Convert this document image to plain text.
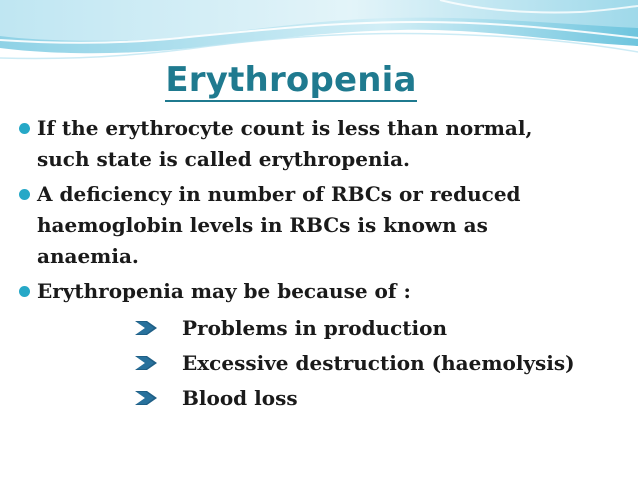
Erythropenia
If the erythrocyte count is less than normal,
such state is called erythropenia.
A deficiency in number of RBCs or reduced
haemoglobin levels in RBCs is known as
anaemia.
Erythropenia may be because of :
Problems in production
Excessive destruction (haemolysis)
Blood loss
